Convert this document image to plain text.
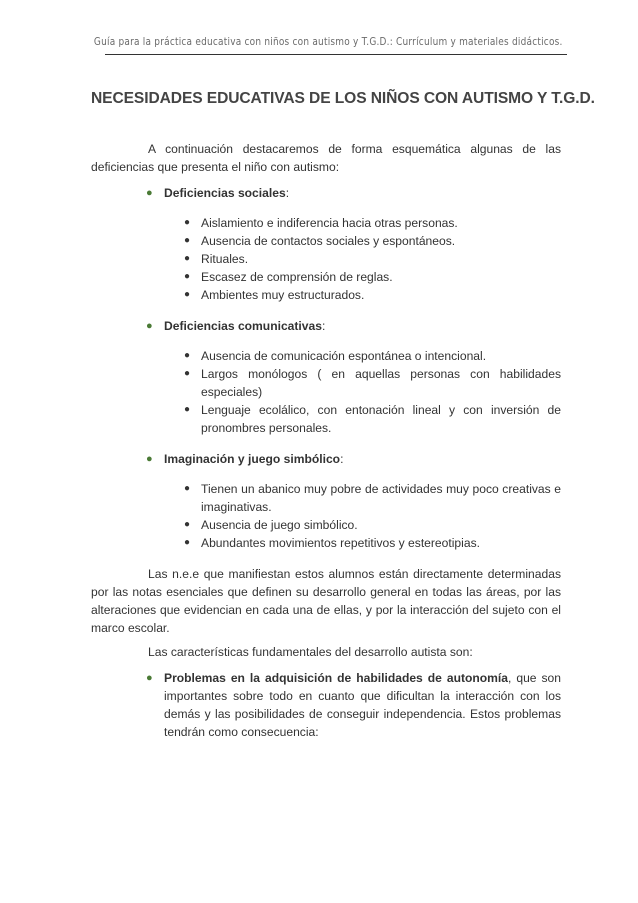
Guía para la práctica educativa con niños con autismo y T.G.D.: Currículum y materiales didácticos.
NECESIDADES EDUCATIVAS DE LOS NIÑOS CON AUTISMO Y T.G.D.

A continuación destacaremos de forma esquemática algunas de las deficiencias que presenta el niño con autismo:

● Deficiencias sociales:
● Aislamiento e indiferencia hacia otras personas.
● Ausencia de contactos sociales y espontáneos.
● Rituales.
● Escasez de comprensión de reglas.
● Ambientes muy estructurados.
● Deficiencias comunicativas:
● Ausencia de comunicación espontánea o intencional.

● Largos monólogos ( en aquellas personas con habilidades especiales)

● Lenguaje ecolálico, con entonación lineal y con inversión de pronombres personales.

● Imaginación y juego simbólico:
● Tienen un abanico muy pobre de actividades muy poco creativas e imaginativas.

● Ausencia de juego simbólico.

● Abundantes movimientos repetitivos y estereotipias.

Las n.e.e que manifiestan estos alumnos están directamente determinadas por las notas esenciales que definen su desarrollo general en todas las áreas, por las alteraciones que evidencian en cada una de ellas, y por la interacción del sujeto con el marco escolar.

Las características fundamentales del desarrollo autista son:

● Problemas en la adquisición de habilidades de autonomía, que son importantes sobre todo en cuanto que dificultan la interacción con los demás y las posibilidades de conseguir independencia. Estos problemas tendrán como consecuencia:
